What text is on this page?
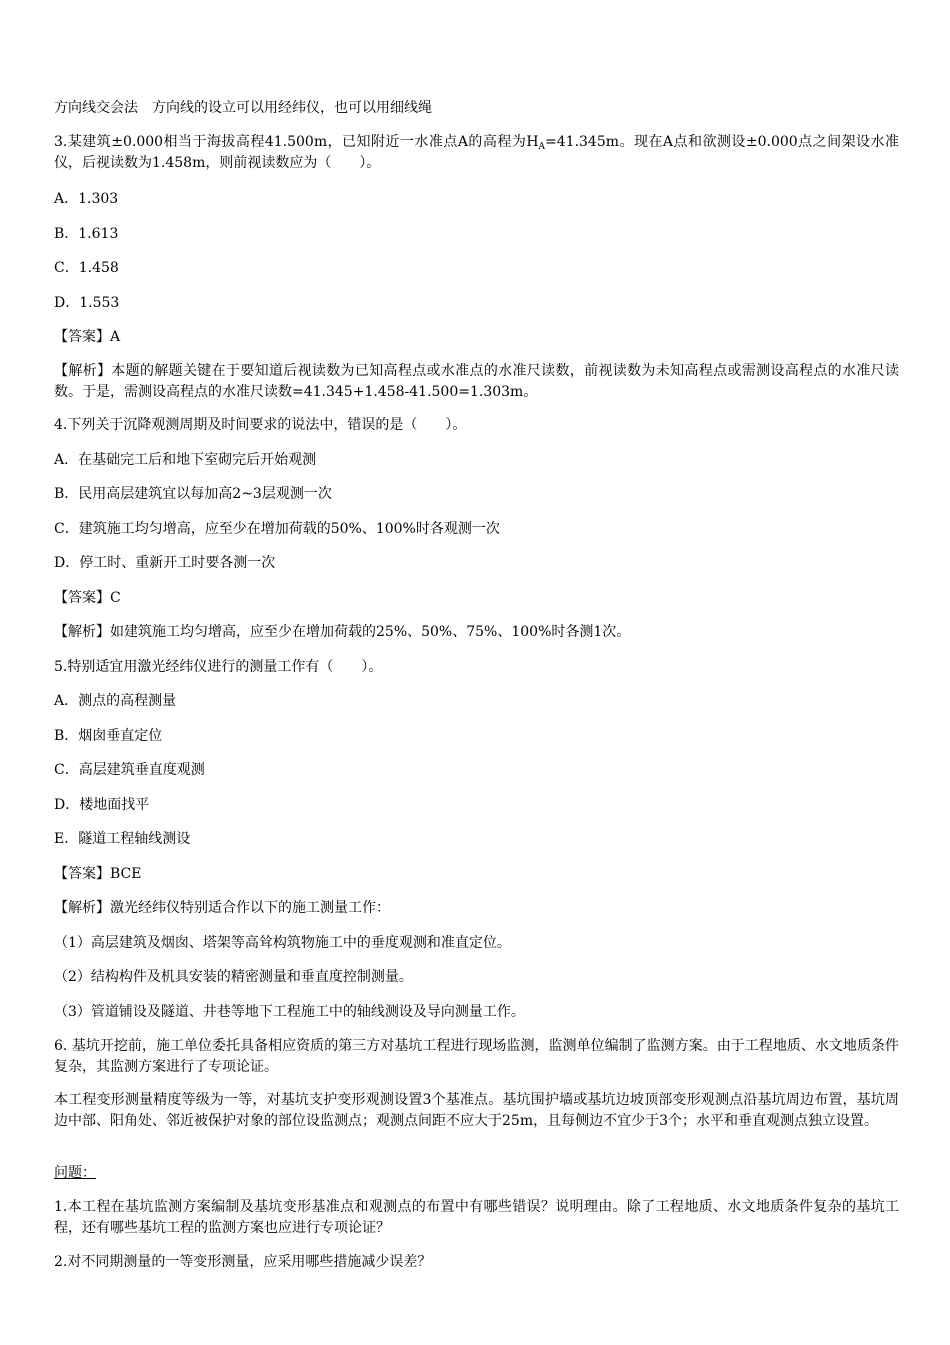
方向线交会法　方向线的设立可以用经纬仪，也可以用细线绳
3.某建筑±0.000相当于海拔高程41.500m，已知附近一水准点A的高程为$H_A=41.345m$。现在A点和欲测设±0.000点之间架设水准仪，后视读数为1.458m，则前视读数应为（　　）。
A．1.303
B．1.613
C．1.458
D．1.553
【答案】A
【解析】本题的解题关键在于要知道后视读数为已知高程点或水准点的水准尺读数，前视读数为未知高程点或需测设高程点的水准尺读数。于是，需测设高程点的水准尺读数=41.345+1.458-41.500=1.303m。
4.下列关于沉降观测周期及时间要求的说法中，错误的是（　　）。
A．在基础完工后和地下室砌完后开始观测
B．民用高层建筑宜以每加高2~3层观测一次
C．建筑施工均匀增高，应至少在增加荷载的50%、100%时各观测一次
D．停工时、重新开工时要各测一次
【答案】C
【解析】如建筑施工均匀增高，应至少在增加荷载的25%、50%、75%、100%时各测1次。
5.特别适宜用激光经纬仪进行的测量工作有（　　）。
A．测点的高程测量
B．烟囱垂直定位
C．高层建筑垂直度观测
D．楼地面找平
E．隧道工程轴线测设
【答案】BCE
【解析】激光经纬仪特别适合作以下的施工测量工作：
（1）高层建筑及烟囱、塔架等高耸构筑物施工中的垂度观测和准直定位。
（2）结构构件及机具安装的精密测量和垂直度控制测量。
（3）管道铺设及隧道、井巷等地下工程施工中的轴线测设及导向测量工作。
6. 基坑开挖前，施工单位委托具备相应资质的第三方对基坑工程进行现场监测，监测单位编制了监测方案。由于工程地质、水文地质条件复杂，其监测方案进行了专项论证。
本工程变形测量精度等级为一等，对基坑支护变形观测设置3个基准点。基坑围护墙或基坑边坡顶部变形观测点沿基坑周边布置，基坑周边中部、阳角处、邻近被保护对象的部位设监测点；观测点间距不应大于25m，且每侧边不宜少于3个；水平和垂直观测点独立设置。
问题：
1.本工程在基坑监测方案编制及基坑变形基准点和观测点的布置中有哪些错误？说明理由。除了工程地质、水文地质条件复杂的基坑工程，还有哪些基坑工程的监测方案也应进行专项论证？
2.对不同期测量的一等变形测量，应采用哪些措施减少误差？
